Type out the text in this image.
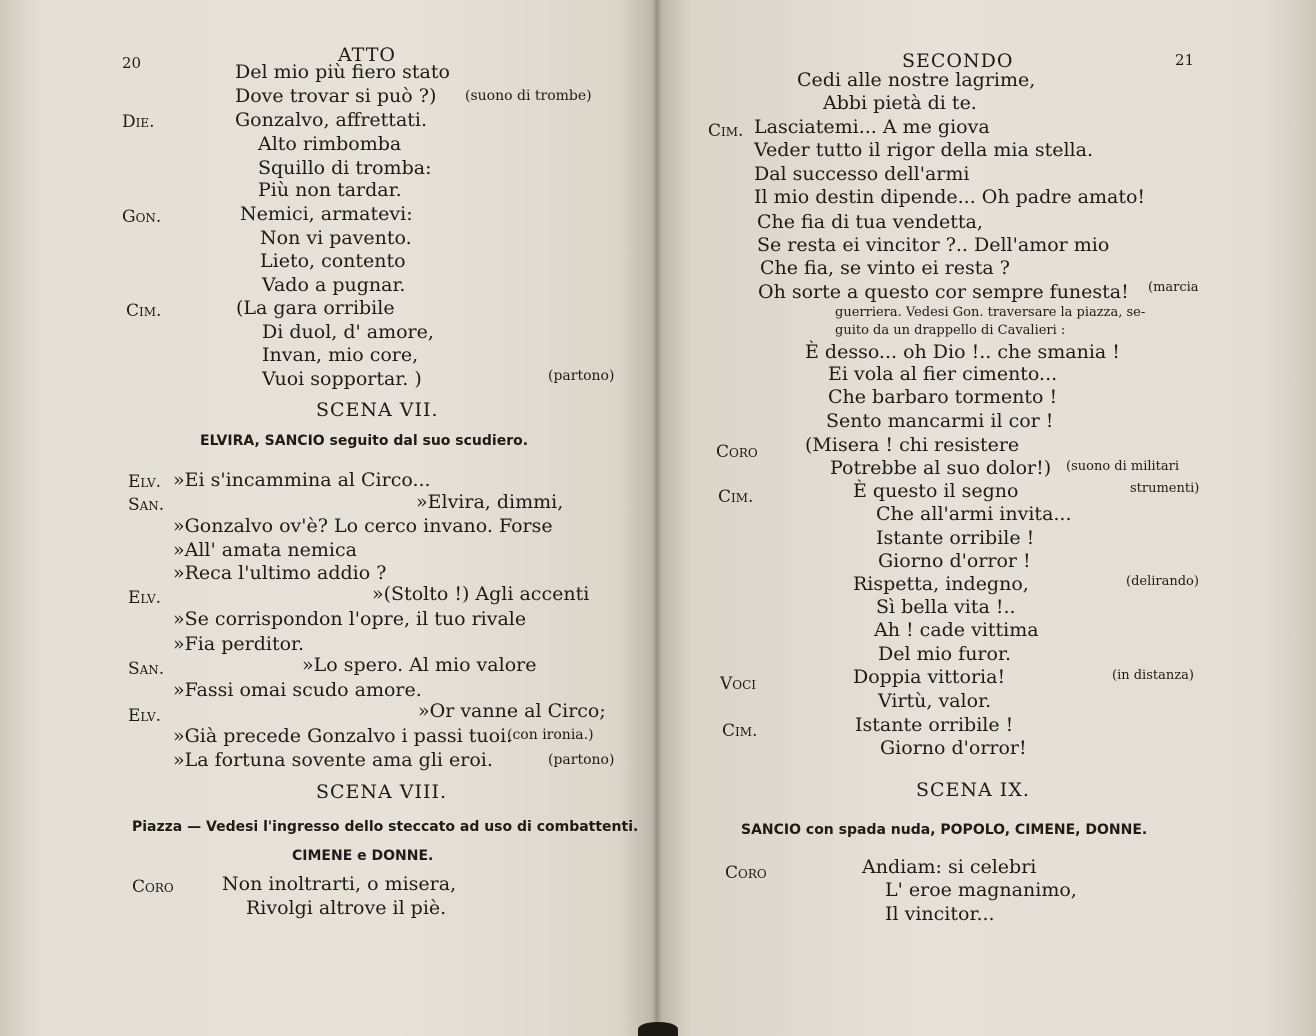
20	ATTO
Del mio più fiero stato
Dove trovar si può ?) (suono di trombe)
Die.	Gonzalvo, affrettati.
Alto rimbomba
Squillo di tromba:
Più non tardar.
Gon.	Nemici, armatevi:
Non vi pavento.
Lieto, contento
Vado a pugnar.
Cim.	(La gara orribile
Di duol, d' amore,
Invan, mio core,
Vuoi sopportar. )	(partono)
SCENA VII.
ELVIRA, SANCIO seguito dal suo scudiero.
Elv. »Ei s'incammina al Circo...
San.	»Elvira, dimmi,
»Gonzalvo ov'è? Lo cerco invano. Forse
»All' amata nemica
»Reca l'ultimo addio ?
Elv.	»(Stolto !) Agli accenti
»Se corrispondon l'opre, il tuo rivale
»Fia perditor.
San.	»Lo spero. Al mio valore
»Fassi omai scudo amore.
Elv.	»Or vanne al Circo;
»Già precede Gonzalvo i passi tuoi.
(con ironia.)
»La fortuna sovente ama gli eroi.	(partono)
SCENA VIII.
Piazza — Vedesi l'ingresso dello steccato ad uso di combattenti.
CIMENE e DONNE.
Coro	Non inoltrarti, o misera,
Rivolgi altrove il piè.
SECONDO	21
Cedi alle nostre lagrime,
Abbi pietà di te.
Cim. Lasciatemi... A me giova
Veder tutto il rigor della mia stella.
Dal successo dell'armi
Il mio destin dipende... Oh padre amato!
Che fia di tua vendetta,
Se resta ei vincitor ?.. Dell'amor mio
Che fia, se vinto ei resta ?
Oh sorte a questo cor sempre funesta! (marcia
guerriera. Vedesi Gon. traversare la piazza, se-
guito da un drappello di Cavalieri :
È desso... oh Dio !.. che smania !
Ei vola al fier cimento...
Che barbaro tormento !
Sento mancarmi il cor !
Coro (Misera ! chi resistere
Potrebbe al suo dolor!) (suono di militari
Cim.	È questo il segno	strumenti)
Che all'armi invita...
Istante orribile !
Giorno d'orror !
Rispetta, indegno,	(delirando)
Sì bella vita !..
Ah ! cade vittima
Del mio furor.
Voci	Doppia vittoria!	(in distanza)
Virtù, valor.
Cim.	Istante orribile !
Giorno d'orror!
SCENA IX.
SANCIO con spada nuda, POPOLO, CIMENE, DONNE.
Coro	Andiam: si celebri
L' eroe magnanimo,
Il vincitor...
